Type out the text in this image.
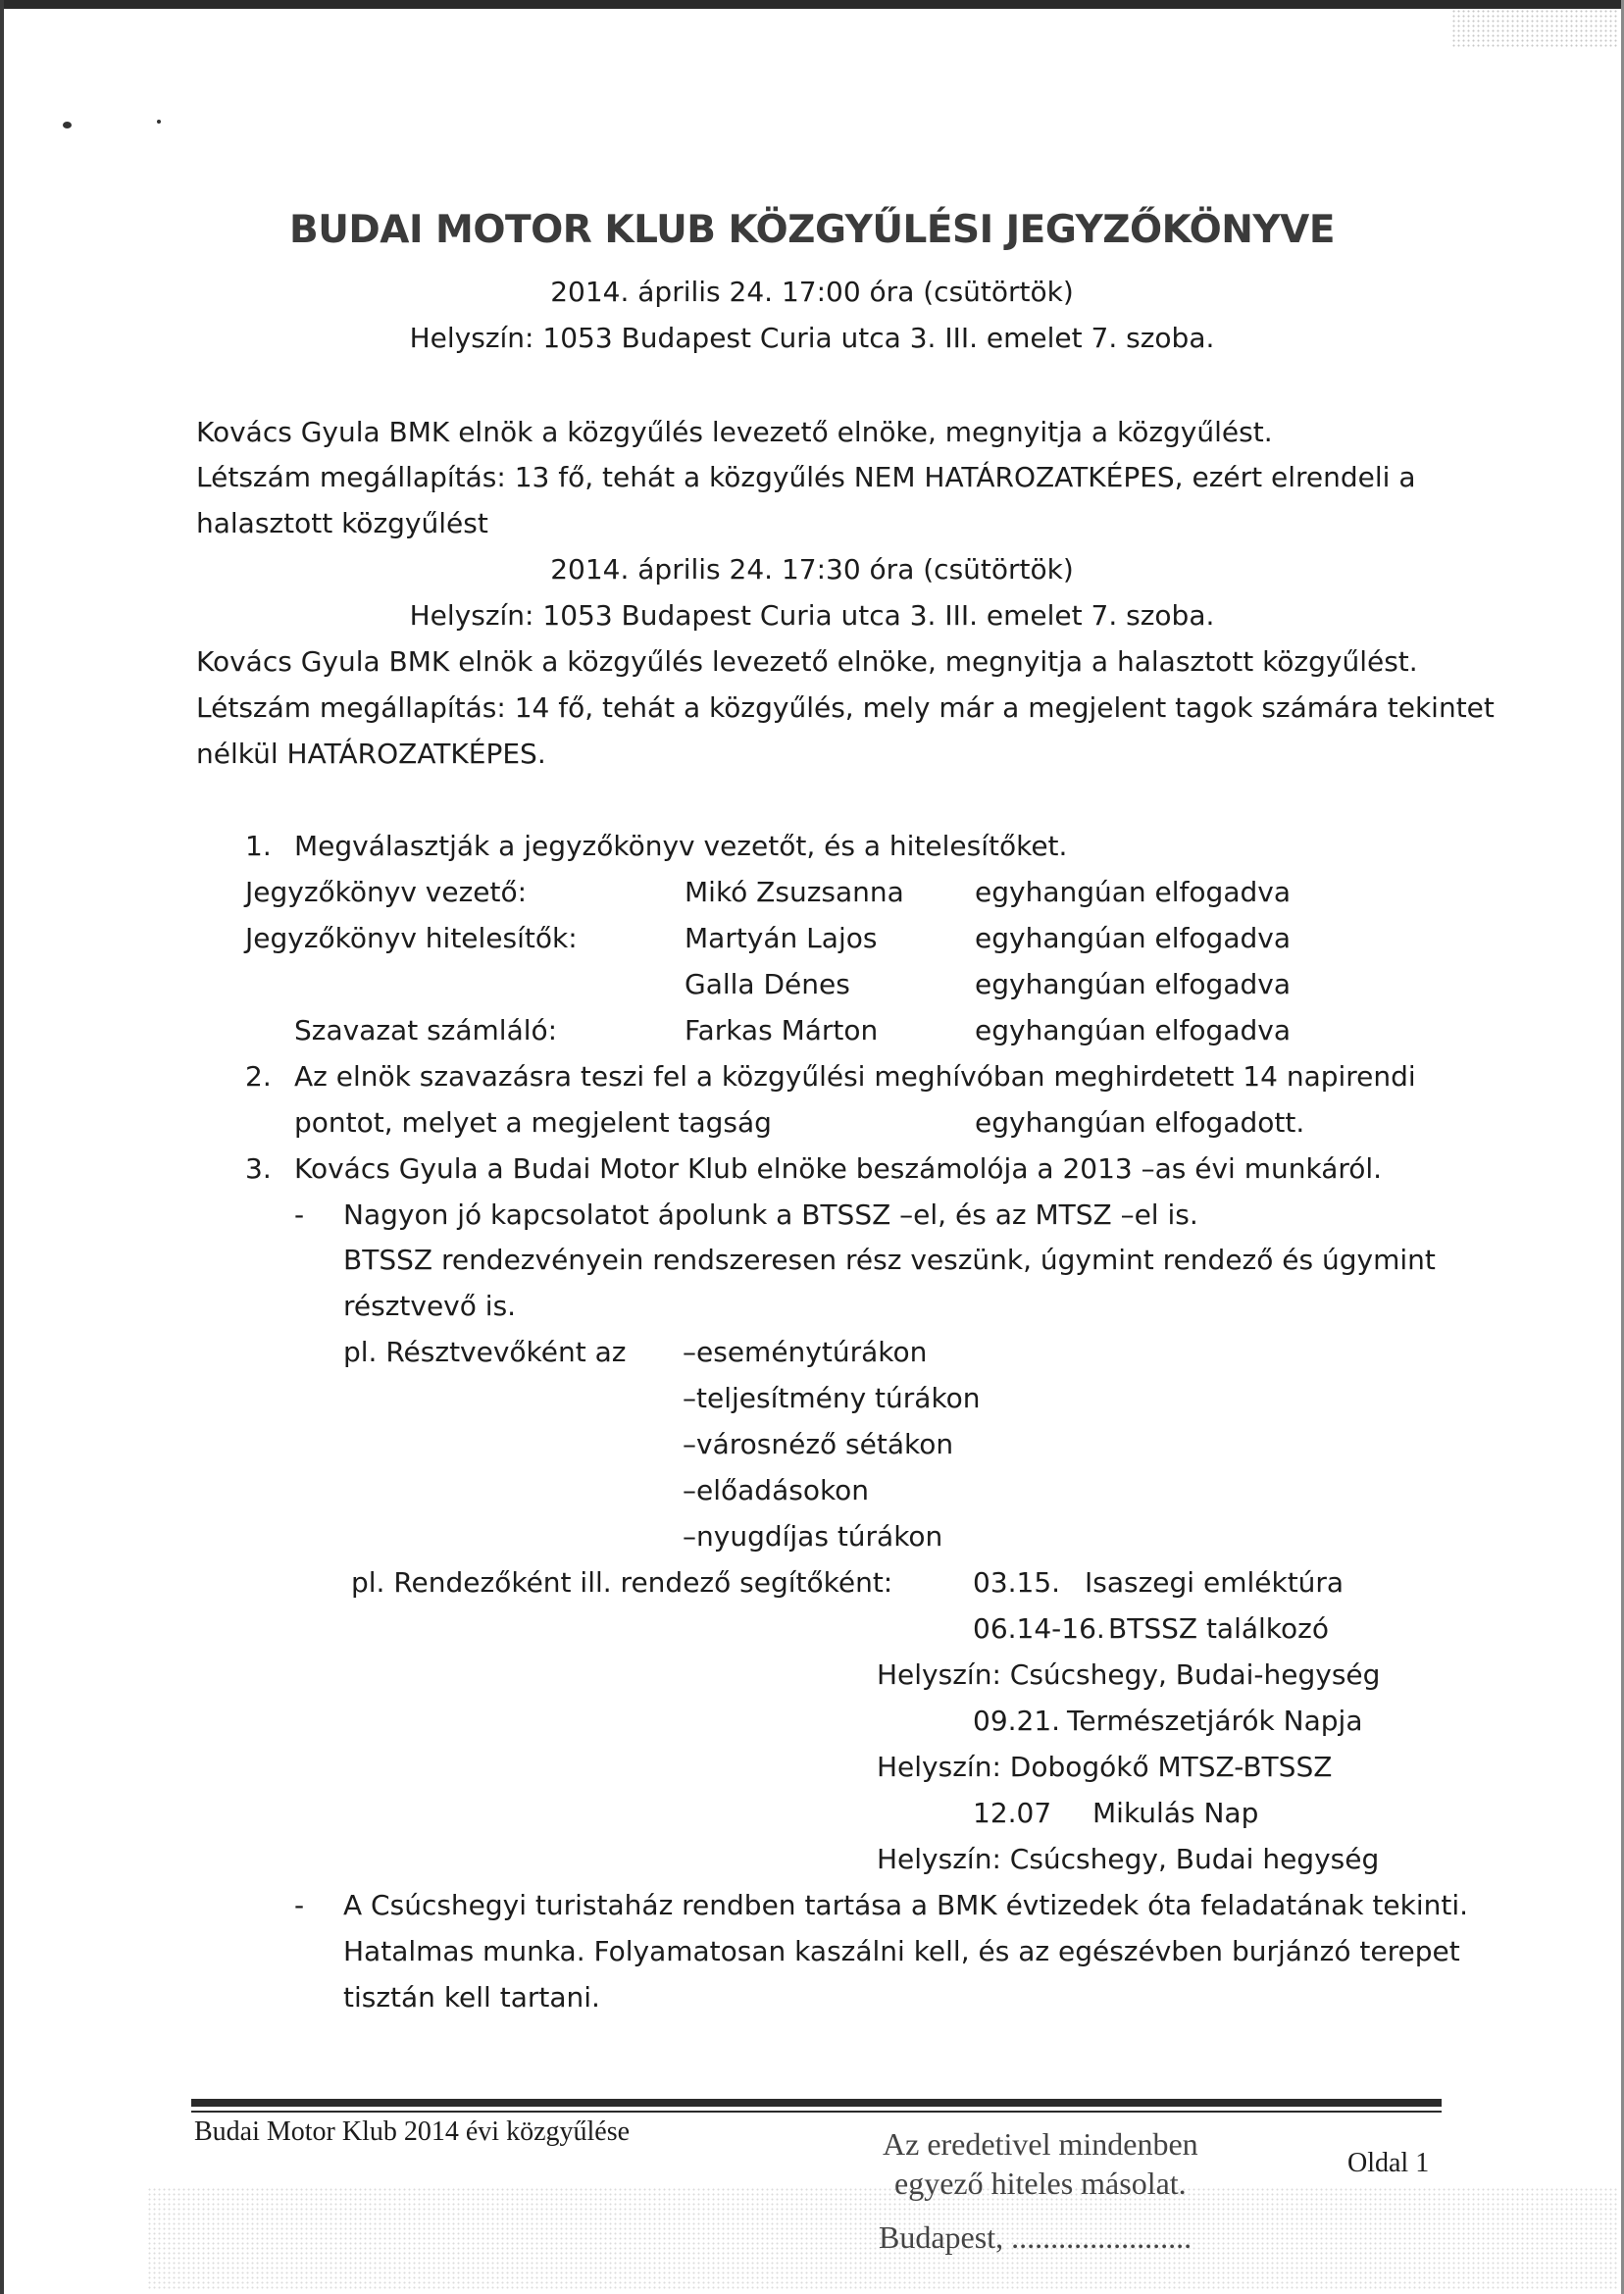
BUDAI MOTOR KLUB KÖZGYŰLÉSI JEGYZŐKÖNYVE
2014. április 24. 17:00 óra (csütörtök)
Helyszín: 1053 Budapest Curia utca 3. III. emelet 7. szoba.
Kovács Gyula BMK elnök a közgyűlés levezető elnöke, megnyitja a közgyűlést.
Létszám megállapítás: 13 fő, tehát a közgyűlés NEM HATÁROZATKÉPES, ezért elrendeli a
halasztott közgyűlést
2014. április 24. 17:30 óra (csütörtök)
Helyszín: 1053 Budapest Curia utca 3. III. emelet 7. szoba.
Kovács Gyula BMK elnök a közgyűlés levezető elnöke, megnyitja a halasztott közgyűlést.
Létszám megállapítás: 14 fő, tehát a közgyűlés, mely már a megjelent tagok számára tekintet
nélkül HATÁROZATKÉPES.
1. Megválasztják a jegyzőkönyv vezetőt, és a hitelesítőket.
Jegyzőkönyv vezető:	Mikó Zsuzsanna	egyhangúan elfogadva
Jegyzőkönyv hitelesítők:	Martyán Lajos	egyhangúan elfogadva
Galla Dénes	egyhangúan elfogadva
Szavazat számláló:	Farkas Márton	egyhangúan elfogadva
2. Az elnök szavazásra teszi fel a közgyűlési meghívóban meghirdetett 14 napirendi
pontot, melyet a megjelent tagság	egyhangúan elfogadott.
3. Kovács Gyula a Budai Motor Klub elnöke beszámolója a 2013 –as évi munkáról.
- Nagyon jó kapcsolatot ápolunk a BTSSZ –el, és az MTSZ –el is.
BTSSZ rendezvényein rendszeresen rész veszünk, úgymint rendező és úgymint
résztvevő is.
pl. Résztvevőként az –eseménytúrákon
–teljesítmény túrákon
–városnéző sétákon
–előadásokon
–nyugdíjas túrákon
pl. Rendezőként ill. rendező segítőként:	03.15. Isaszegi emléktúra
06.14-16. BTSSZ találkozó
Helyszín: Csúcshegy, Budai-hegység
09.21. Természetjárók Napja
Helyszín: Dobogókő MTSZ-BTSSZ
12.07 Mikulás Nap
Helyszín: Csúcshegy, Budai hegység
- A Csúcshegyi turistaház rendben tartása a BMK évtizedek óta feladatának tekinti.
Hatalmas munka. Folyamatosan kaszálni kell, és az egészévben burjánzó terepet
tisztán kell tartani.
Budai Motor Klub 2014 évi közgyűlése
Oldal 1
Az eredetivel mindenben
egyező hiteles másolat.
Budapest, .......................
